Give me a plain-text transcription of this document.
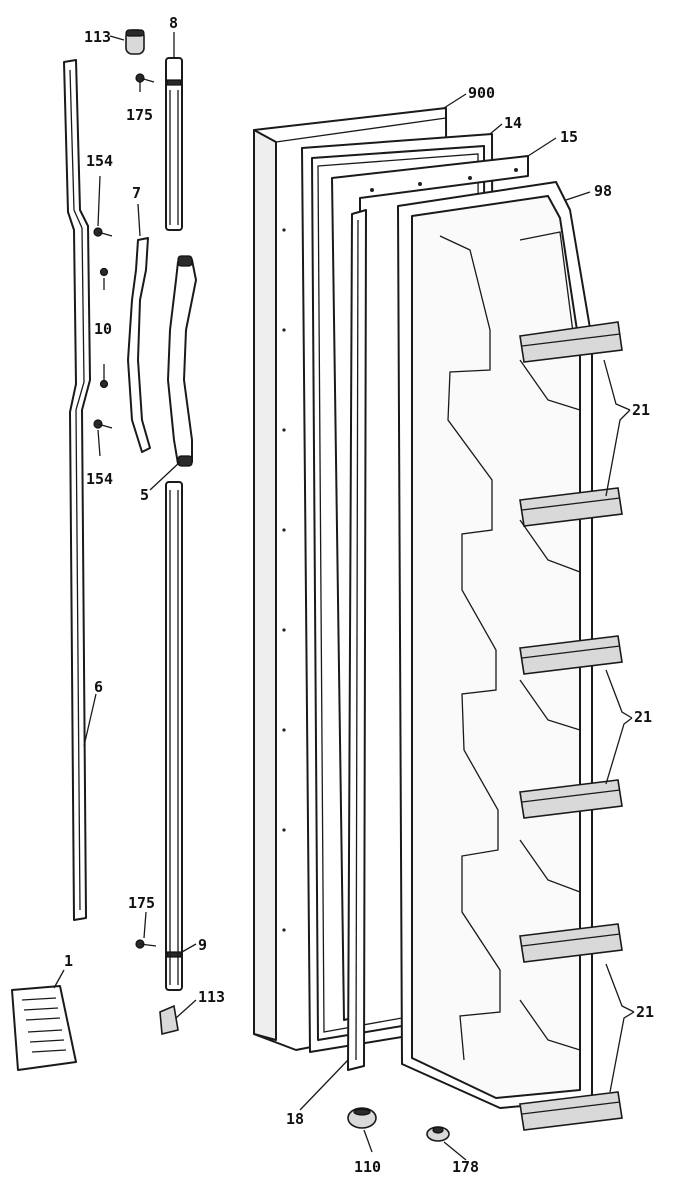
113
8
175
154
7
10
154
5
6
900
14
15
98
21
21
21
1
175
9
113
18
110	178
